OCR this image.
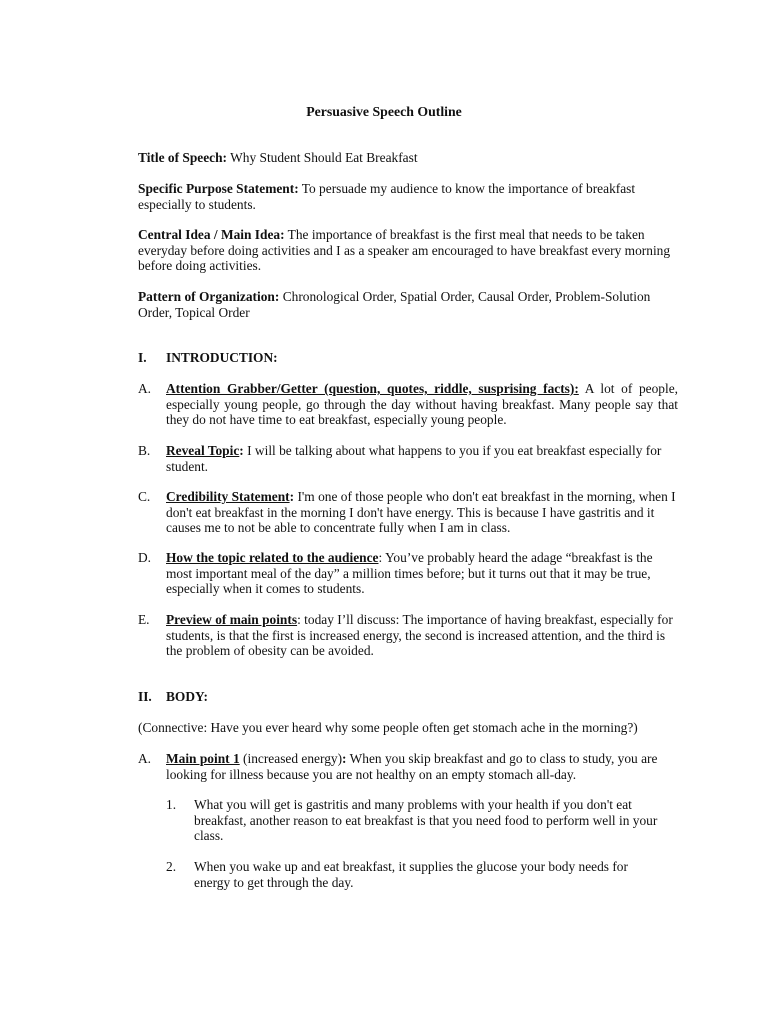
Persuasive Speech Outline
Title of Speech: Why Student Should Eat Breakfast
Specific Purpose Statement: To persuade my audience to know the importance of breakfast especially to students.
Central Idea / Main Idea: The importance of breakfast is the first meal that needs to be taken everyday before doing activities and I as a speaker am encouraged to have breakfast every morning before doing activities.
Pattern of Organization: Chronological Order, Spatial Order, Causal Order, Problem-Solution Order, Topical Order
I. INTRODUCTION:
A.	Attention Grabber/Getter (question, quotes, riddle, susprising facts): A lot of people, especially young people, go through the day without having breakfast. Many people say that they do not have time to eat breakfast, especially young people.
B.	Reveal Topic: I will be talking about what happens to you if you eat breakfast especially for student.
C.	Credibility Statement: I'm one of those people who don't eat breakfast in the morning, when I don't eat breakfast in the morning I don't have energy. This is because I have gastritis and it causes me to not be able to concentrate fully when I am in class.
D.	How the topic related to the audience: You’ve probably heard the adage “breakfast is the most important meal of the day” a million times before; but it turns out that it may be true, especially when it comes to students.
E.	Preview of main points: today I’ll discuss: The importance of having breakfast, especially for students, is that the first is increased energy, the second is increased attention, and the third is the problem of obesity can be avoided.
II. BODY:
(Connective: Have you ever heard why some people often get stomach ache in the morning?)
A.	Main point 1 (increased energy): When you skip breakfast and go to class to study, you are looking for illness because you are not healthy on an empty stomach all-day.
1.	What you will get is gastritis and many problems with your health if you don't eat breakfast, another reason to eat breakfast is that you need food to perform well in your class.
2.	When you wake up and eat breakfast, it supplies the glucose your body needs for energy to get through the day.
